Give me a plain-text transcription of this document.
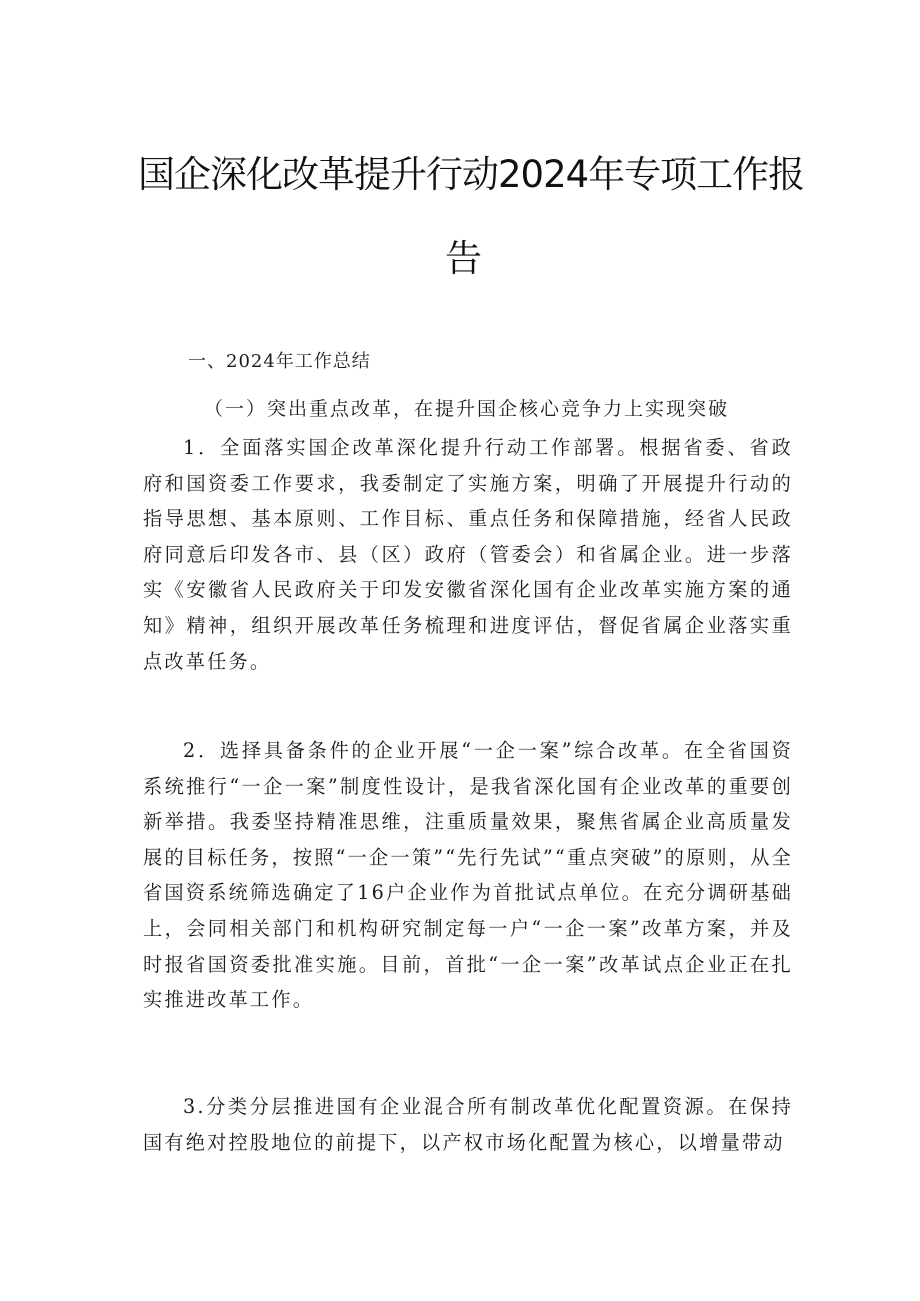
国企深化改革提升行动2024年专项工作报
告
一、2024年工作总结
（一）突出重点改革，在提升国企核心竞争力上实现突破
1．全面落实国企改革深化提升行动工作部署。根据省委、省政府和国资委工作要求，我委制定了实施方案，明确了开展提升行动的指导思想、基本原则、工作目标、重点任务和保障措施，经省人民政府同意后印发各市、县（区）政府（管委会）和省属企业。进一步落实《安徽省人民政府关于印发安徽省深化国有企业改革实施方案的通知》精神，组织开展改革任务梳理和进度评估，督促省属企业落实重点改革任务。
2．选择具备条件的企业开展“一企一案”综合改革。在全省国资系统推行“一企一案”制度性设计，是我省深化国有企业改革的重要创新举措。我委坚持精准思维，注重质量效果，聚焦省属企业高质量发展的目标任务，按照“一企一策”“先行先试”“重点突破”的原则，从全省国资系统筛选确定了16户企业作为首批试点单位。在充分调研基础上，会同相关部门和机构研究制定每一户“一企一案”改革方案，并及时报省国资委批准实施。目前，首批“一企一案”改革试点企业正在扎实推进改革工作。
3.分类分层推进国有企业混合所有制改革优化配置资源。在保持国有绝对控股地位的前提下，以产权市场化配置为核心，以增量带动
